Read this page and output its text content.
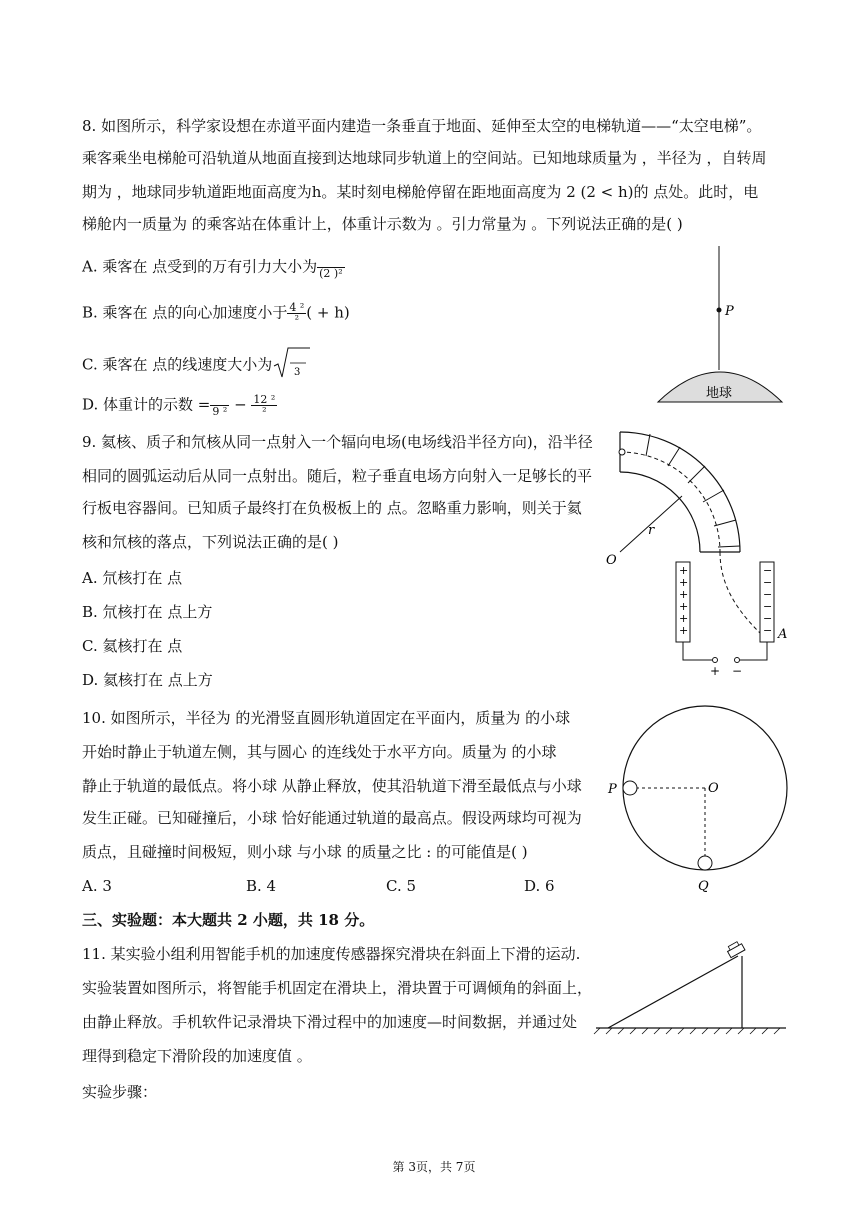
8. 如图所示，科学家设想在赤道平面内建造一条垂直于地面、延伸至太空的电梯轨道——“太空电梯”。
乘客乘坐电梯舱可沿轨道从地面直接到达地球同步轨道上的空间站。已知地球质量为 ，半径为 ，自转周
期为 ，地球同步轨道距地面高度为h。某时刻电梯舱停留在距地面高度为 2 (2 < h)的 点处。此时，电
梯舱内一质量为 的乘客站在体重计上，体重计示数为 。引力常量为 。下列说法正确的是( )
A. 乘客在 点受到的万有引力大小为 (2 )²
B. 乘客在 点的向心加速度小于 $\frac{\text{4 ²}}{\text{²}}$ ( + h)
C. 乘客在 点的线速度大小为 3
D. 体重计的示数 = 9 $^2 - \frac{\text{12 ²}}{\text{²}}$
P
地球
9. 氦核、质子和氘核从同一点射入一个辐向电场(电场线沿半径方向)，沿半径
相同的圆弧运动后从同一点射出。随后，粒子垂直电场方向射入一足够长的平
行板电容器间。已知质子最终打在负极板上的 点。忽略重力影响，则关于氦
核和氘核的落点，下列说法正确的是( )
A. 氘核打在 点
B. 氘核打在 点上方
C. 氦核打在 点
D. 氦核打在 点上方
r
O
+
+
+
+
+
+
−
−
−
−
−
− A
+ −
10. 如图所示，半径为 的光滑竖直圆形轨道固定在平面内，质量为 的小球
开始时静止于轨道左侧，其与圆心 的连线处于水平方向。质量为 的小球
静止于轨道的最低点。将小球 从静止释放，使其沿轨道下滑至最低点与小球
发生正碰。已知碰撞后，小球 恰好能通过轨道的最高点。假设两球均可视为
质点，且碰撞时间极短，则小球 与小球 的质量之比 : 的可能值是( )
A. 3	B. 4	C. 5	D. 6
P	O
Q
三、实验题：本大题共 2 小题，共 18 分。
11. 某实验小组利用智能手机的加速度传感器探究滑块在斜面上下滑的运动.
实验装置如图所示，将智能手机固定在滑块上，滑块置于可调倾角的斜面上，
由静止释放。手机软件记录滑块下滑过程中的加速度—时间数据，并通过处
理得到稳定下滑阶段的加速度值 。
实验步骤：
第 3页，共 7页
